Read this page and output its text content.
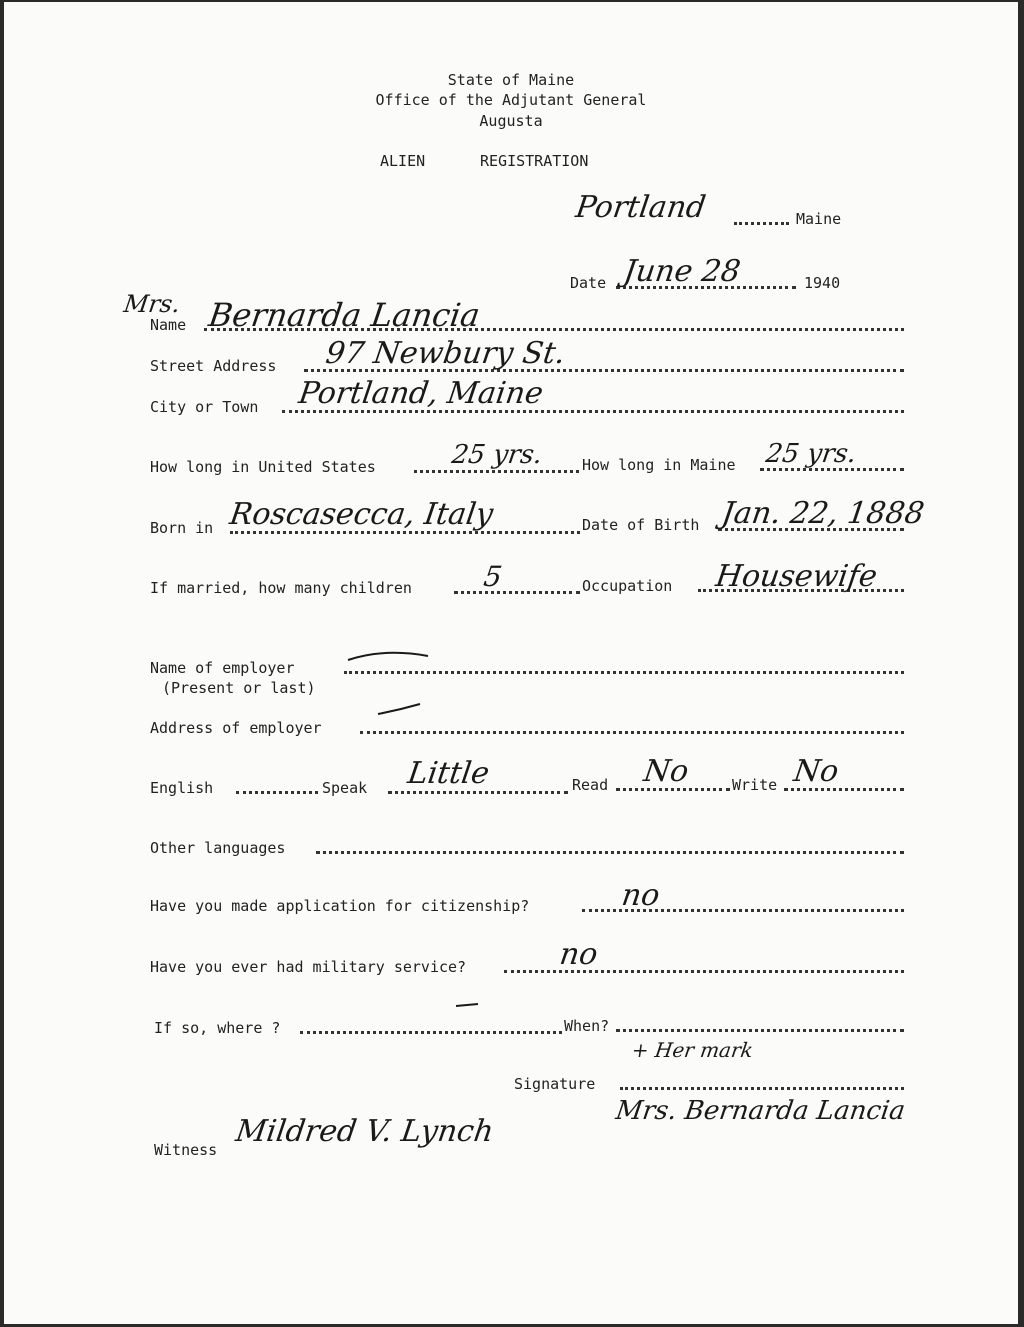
State of Maine
Office of the Adjutant General
Augusta
ALIEN	REGISTRATION
Portland	Maine
Date June 28	1940
Mrs.
Name Bernarda Lancia
Street Address 97 Newbury St.
City or Town Portland, Maine
How long in United States	25 yrs.	How long in Maine 25 yrs.
Born in Roscasecca, Italy	Date of Birth Jan. 22, 1888
If married, how many children 5	Occupation Housewife
Name of employer
(Present or last)
Address of employer
English	Speak Little	Read No	Write No
Other languages
Have you made application for citizenship?	no
Have you ever had military service?	no
If so, where ?	When?
+ Her mark
Signature
Mrs. Bernarda Lancia
Witness
Mildred V. Lynch
